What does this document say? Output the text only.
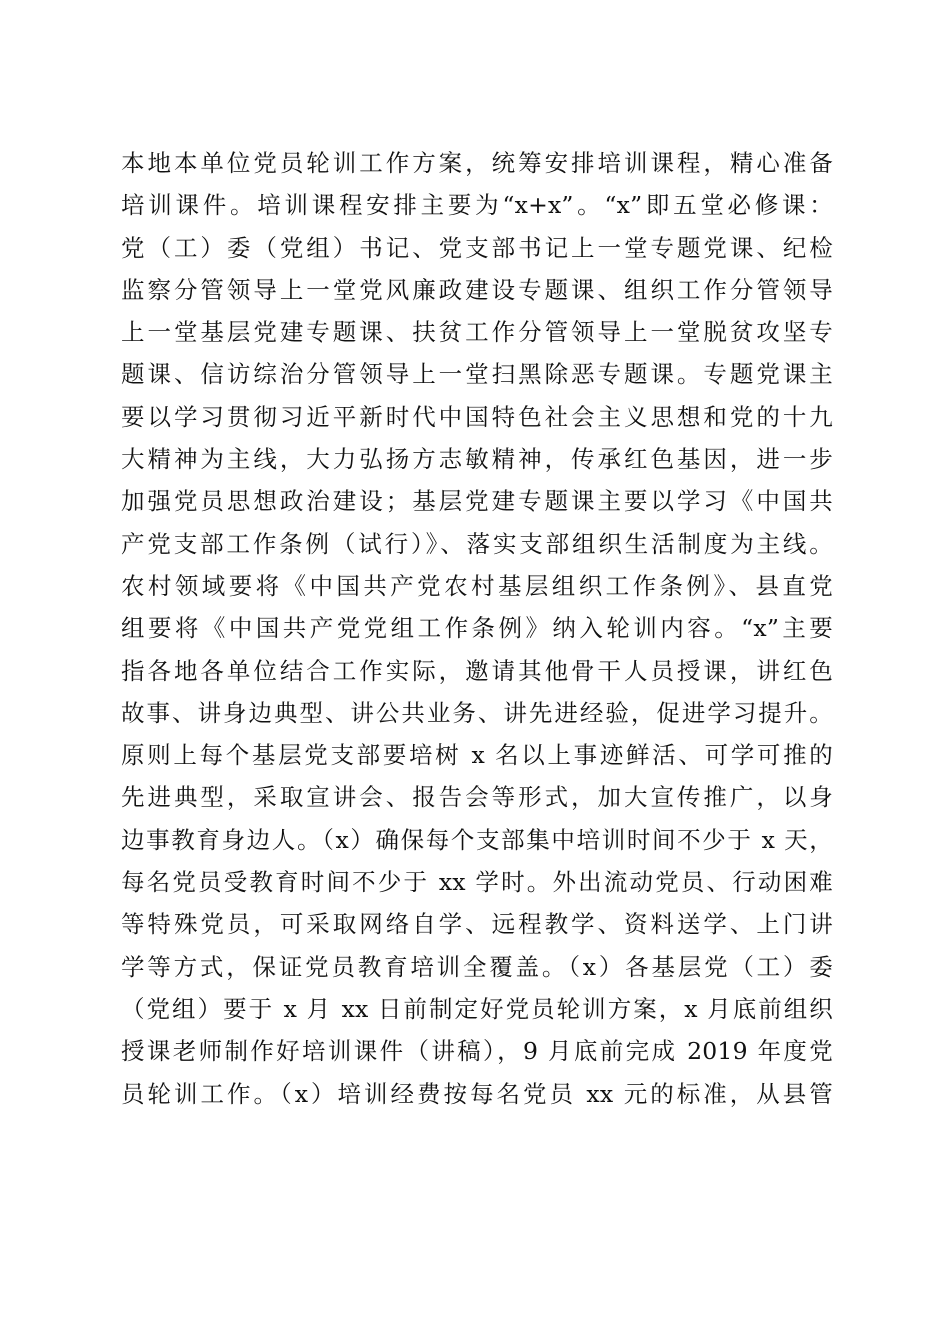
本地本单位党员轮训工作方案，统筹安排培训课程，精心准备
培训课件。培训课程安排主要为“x+x”。“x”即五堂必修课：
党（工）委（党组）书记、党支部书记上一堂专题党课、纪检
监察分管领导上一堂党风廉政建设专题课、组织工作分管领导
上一堂基层党建专题课、扶贫工作分管领导上一堂脱贫攻坚专
题课、信访综治分管领导上一堂扫黑除恶专题课。专题党课主
要以学习贯彻习近平新时代中国特色社会主义思想和党的十九
大精神为主线，大力弘扬方志敏精神，传承红色基因，进一步
加强党员思想政治建设；基层党建专题课主要以学习《中国共
产党支部工作条例（试行）》、落实支部组织生活制度为主线。
农村领域要将《中国共产党农村基层组织工作条例》、县直党
组要将《中国共产党党组工作条例》纳入轮训内容。“x”主要
指各地各单位结合工作实际，邀请其他骨干人员授课，讲红色
故事、讲身边典型、讲公共业务、讲先进经验，促进学习提升。
原则上每个基层党支部要培树 x 名以上事迹鲜活、可学可推的
先进典型，采取宣讲会、报告会等形式，加大宣传推广，以身
边事教育身边人。（x）确保每个支部集中培训时间不少于 x 天，
每名党员受教育时间不少于 xx 学时。外出流动党员、行动困难
等特殊党员，可采取网络自学、远程教学、资料送学、上门讲
学等方式，保证党员教育培训全覆盖。（x）各基层党（工）委
（党组）要于 x 月 xx 日前制定好党员轮训方案，x 月底前组织
授课老师制作好培训课件（讲稿），9 月底前完成 2019 年度党
员轮训工作。（x）培训经费按每名党员 xx 元的标准，从县管
